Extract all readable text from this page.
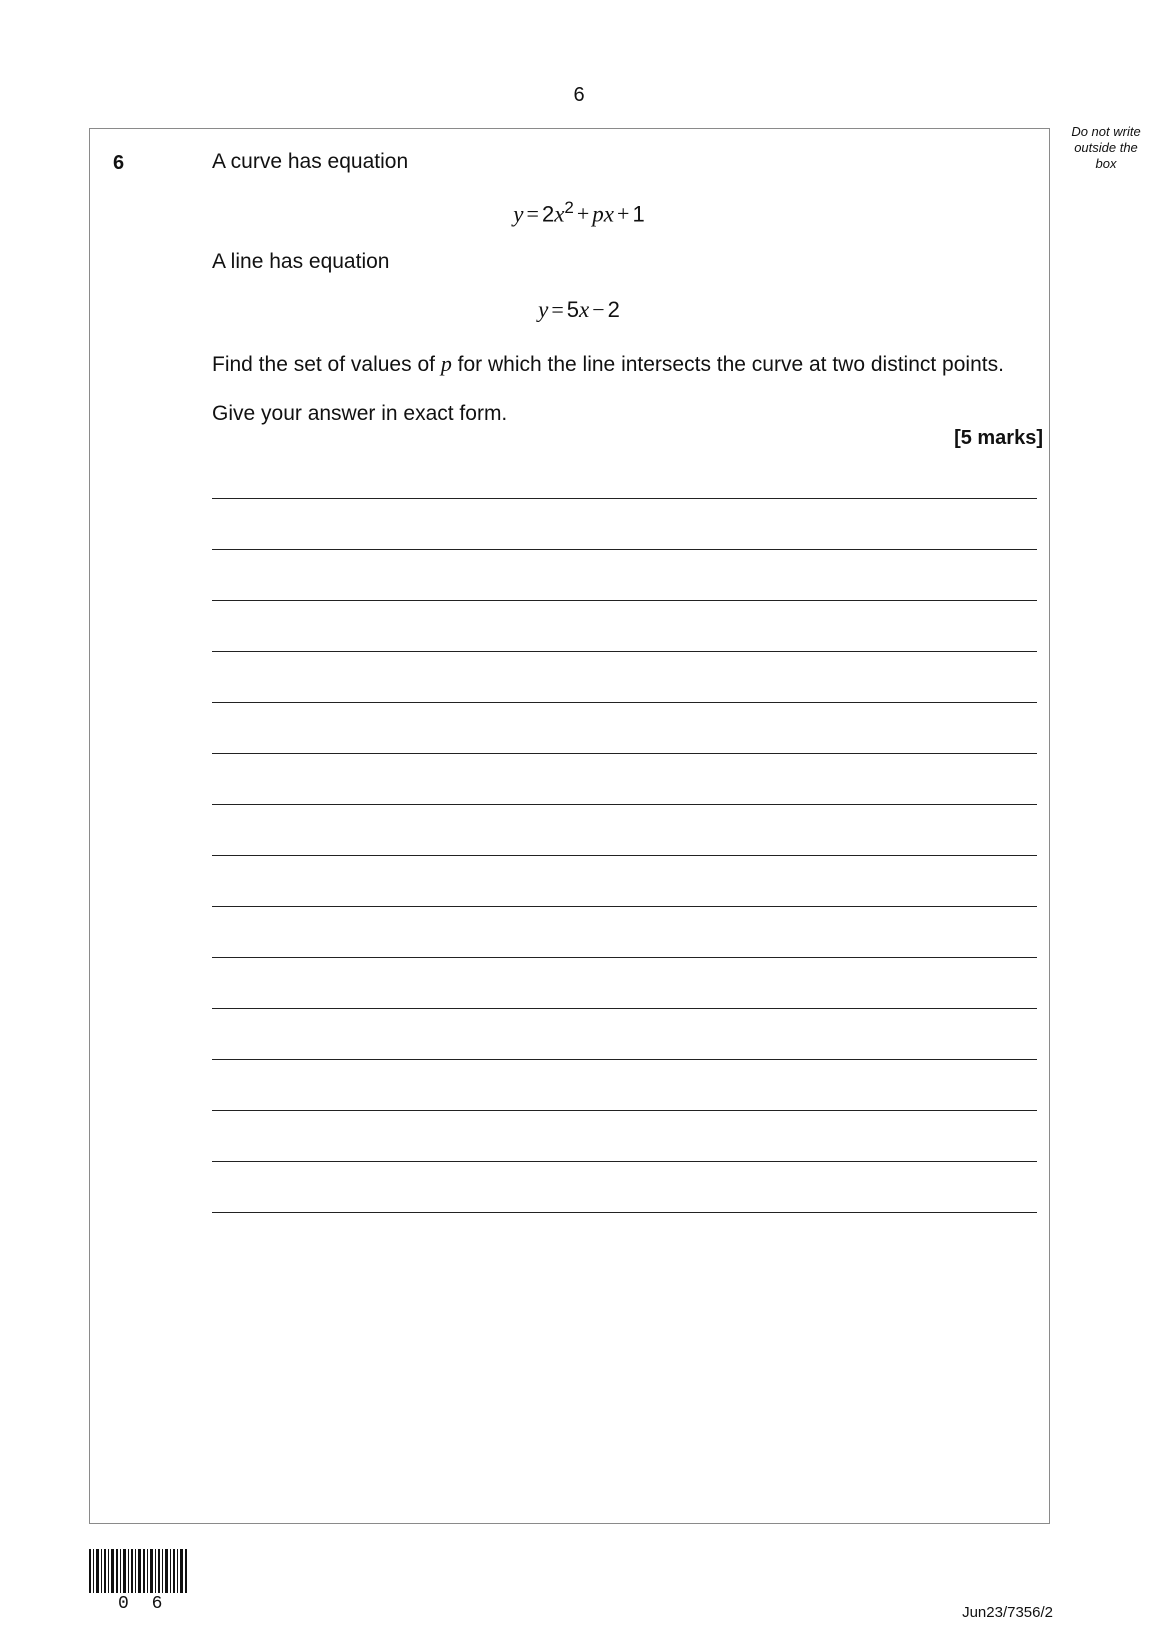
6
Do not write
outside the
box
6	A curve has equation
$y = 2x^2$ + px + 1
A line has equation
y = 5x − 2
Find the set of values of p for which the line intersects the curve at two distinct points.
Give your answer in exact form.
[5 marks]
0 6	Jun23/7356/2
